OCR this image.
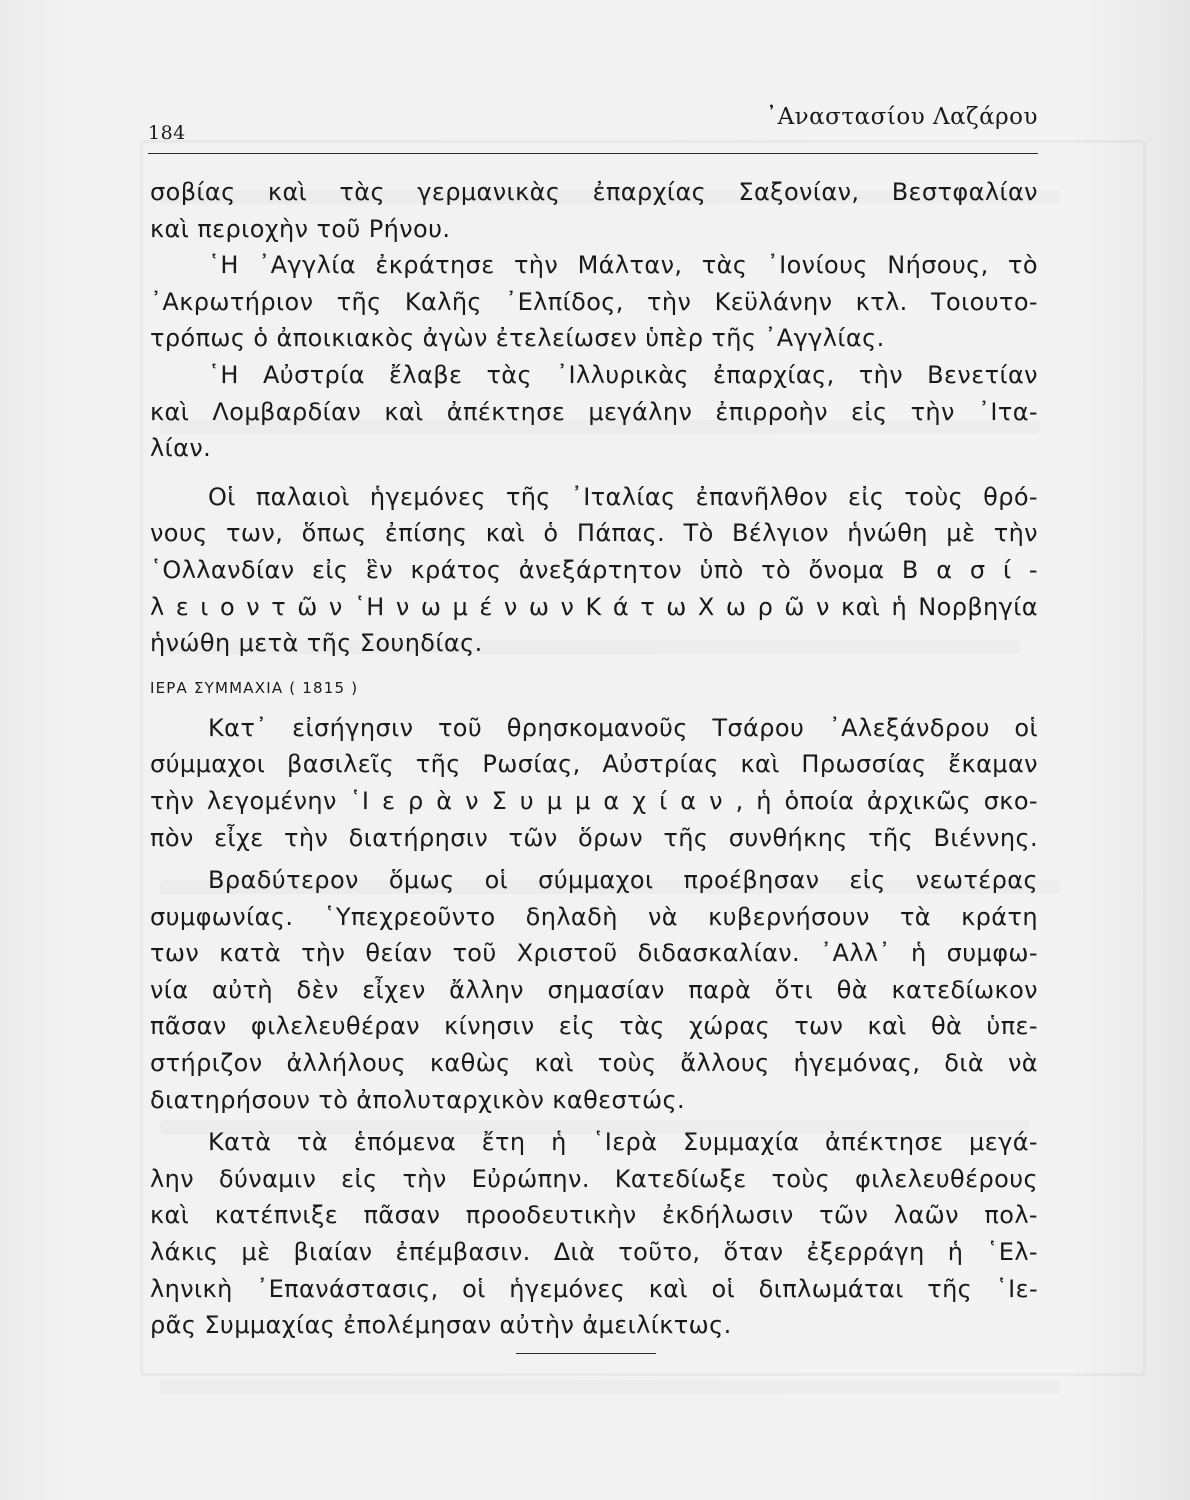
184
᾿Αναστασίου Λαζάρου
σοβίας καὶ τὰς γερμανικὰς ἐπαρχίας Σαξονίαν, Βεστφαλίαν
καὶ περιοχὴν τοῦ Ρήνου.
῾Η ᾿Αγγλία ἐκράτησε τὴν Μάλταν, τὰς ᾿Ιονίους Νήσους, τὸ
᾿Ακρωτήριον τῆς Καλῆς ᾿Ελπίδος, τὴν Κεϋλάνην κτλ. Τοιουτο-
τρόπως ὁ ἀποικιακὸς ἀγὼν ἐτελείωσεν ὑπὲρ τῆς ᾿Αγγλίας.
῾Η Αὐστρία ἔλαβε τὰς ᾿Ιλλυρικὰς ἐπαρχίας, τὴν Βενετίαν
καὶ Λομβαρδίαν καὶ ἀπέκτησε μεγάλην ἐπιρροὴν εἰς τὴν ᾿Ιτα-
λίαν.
Οἱ παλαιοὶ ἡγεμόνες τῆς ᾿Ιταλίας ἐπανῆλθον εἰς τοὺς θρό-
νους των, ὅπως ἐπίσης καὶ ὁ Πάπας. Τὸ Βέλγιον ἡνώθη μὲ τὴν
῾Ολλανδίαν εἰς ἓν κράτος ἀνεξάρτητον ὑπὸ τὸ ὄνομα Β α σ ί -
λ ε ι ο ν τ ῶ ν ῾Η ν ω μ έ ν ω ν Κ ά τ ω Χ ω ρ ῶ ν καὶ ἡ Νορβηγία
ἡνώθη μετὰ τῆς Σουηδίας.
ΙΕΡΑ ΣΥΜΜΑΧΙΑ ( 1815 )
Κατ᾿ εἰσήγησιν τοῦ θρησκομανοῦς Τσάρου ᾿Αλεξάνδρου οἱ
σύμμαχοι βασιλεῖς τῆς Ρωσίας, Αὐστρίας καὶ Πρωσσίας ἔκαμαν
τὴν λεγομένην ῾Ι ε ρ ὰ ν Σ υ μ μ α χ ί α ν , ἡ ὁποία ἀρχικῶς σκο-
πὸν εἶχε τὴν διατήρησιν τῶν ὅρων τῆς συνθήκης τῆς Βιέννης.
Βραδύτερον ὅμως οἱ σύμμαχοι προέβησαν εἰς νεωτέρας
συμφωνίας. ῾Υπεχρεοῦντο δηλαδὴ νὰ κυβερνήσουν τὰ κράτη
των κατὰ τὴν θείαν τοῦ Χριστοῦ διδασκαλίαν. ᾿Αλλ᾿ ἡ συμφω-
νία αὐτὴ δὲν εἶχεν ἄλλην σημασίαν παρὰ ὅτι θὰ κατεδίωκον
πᾶσαν φιλελευθέραν κίνησιν εἰς τὰς χώρας των καὶ θὰ ὑπε-
στήριζον ἀλλήλους καθὼς καὶ τοὺς ἄλλους ἡγεμόνας, διὰ νὰ
διατηρήσουν τὸ ἀπολυταρχικὸν καθεστώς.
Κατὰ τὰ ἑπόμενα ἔτη ἡ ῾Ιερὰ Συμμαχία ἀπέκτησε μεγά-
λην δύναμιν εἰς τὴν Εὐρώπην. Κατεδίωξε τοὺς φιλελευθέρους
καὶ κατέπνιξε πᾶσαν προοδευτικὴν ἐκδήλωσιν τῶν λαῶν πολ-
λάκις μὲ βιαίαν ἐπέμβασιν. Διὰ τοῦτο, ὅταν ἐξερράγη ἡ ῾Ελ-
ληνικὴ ᾿Επανάστασις, οἱ ἡγεμόνες καὶ οἱ διπλωμάται τῆς ῾Ιε-
ρᾶς Συμμαχίας ἐπολέμησαν αὐτὴν ἀμειλίκτως.
